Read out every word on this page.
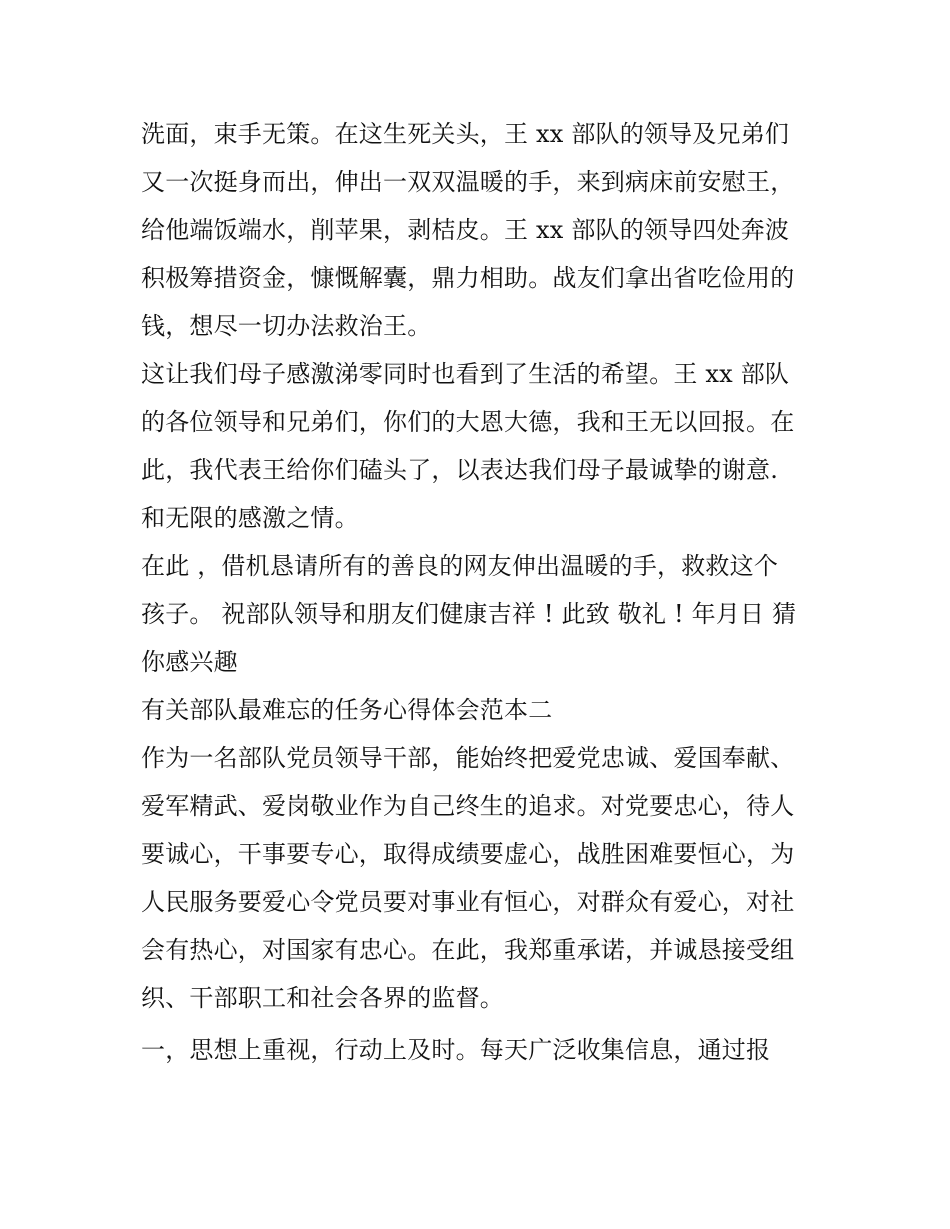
洗面，束手无策。在这生死关头，王 xx 部队的领导及兄弟们
又一次挺身而出，伸出一双双温暖的手，来到病床前安慰王，
给他端饭端水，削苹果，剥桔皮。王 xx 部队的领导四处奔波
积极筹措资金，慷慨解囊，鼎力相助。战友们拿出省吃俭用的
钱，想尽一切办法救治王。
这让我们母子感激涕零同时也看到了生活的希望。王 xx 部队
的各位领导和兄弟们，你们的大恩大德，我和王无以回报。在
此，我代表王给你们磕头了，以表达我们母子最诚挚的谢意.
和无限的感激之情。
在此 ，借机恳请所有的善良的网友伸出温暖的手，救救这个
孩子。 祝部队领导和朋友们健康吉祥 ! 此致 敬礼 ! 年月日 猜
你感兴趣
有关部队最难忘的任务心得体会范本二
作为一名部队党员领导干部，能始终把爱党忠诚、爱国奉献、
爱军精武、爱岗敬业作为自己终生的追求。对党要忠心，待人
要诚心，干事要专心，取得成绩要虚心，战胜困难要恒心，为
人民服务要爱心令党员要对事业有恒心，对群众有爱心，对社
会有热心，对国家有忠心。在此，我郑重承诺，并诚恳接受组
织、干部职工和社会各界的监督。
一，思想上重视，行动上及时。每天广泛收集信息，通过报
